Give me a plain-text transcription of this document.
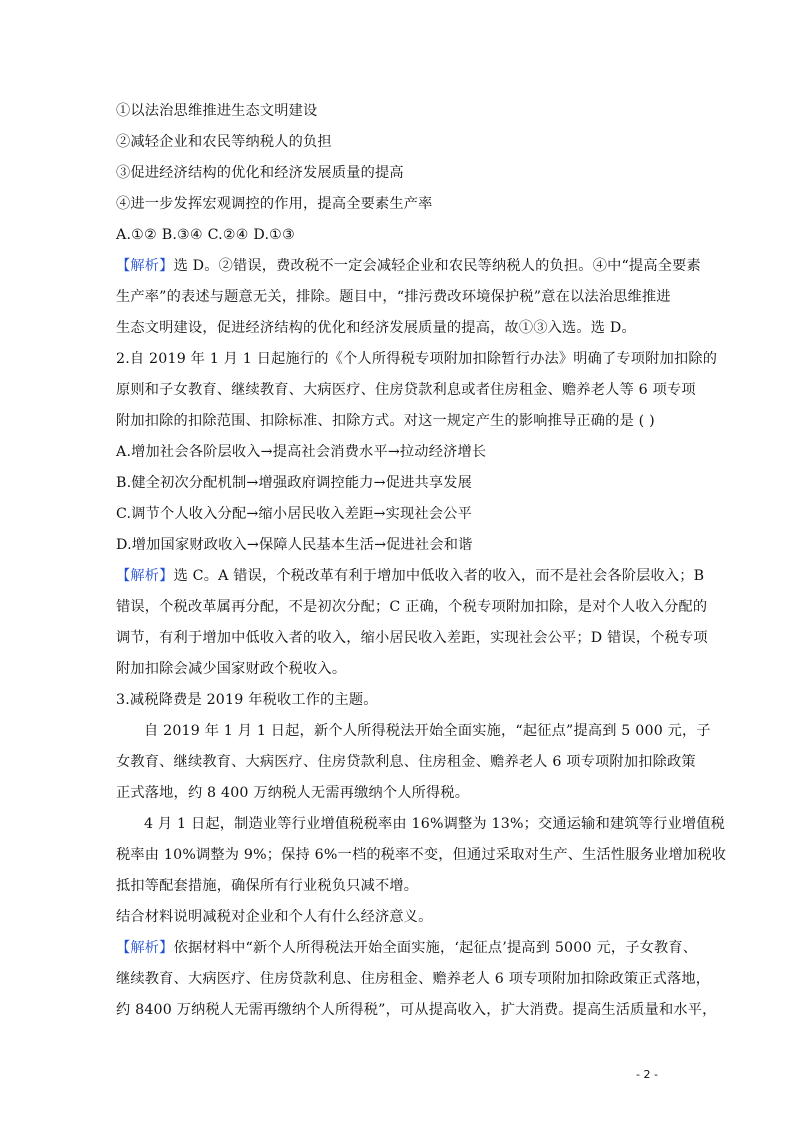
①以法治思维推进生态文明建设
②减轻企业和农民等纳税人的负担
③促进经济结构的优化和经济发展质量的提高
④进一步发挥宏观调控的作用，提高全要素生产率
A.①② B.③④ C.②④ D.①③
【解析】选 D。②错误，费改税不一定会减轻企业和农民等纳税人的负担。④中“提高全要素
生产率”的表述与题意无关，排除。题目中，“排污费改环境保护税”意在以法治思维推进
生态文明建设，促进经济结构的优化和经济发展质量的提高，故①③入选。选 D。
2.自 2019 年 1 月 1 日起施行的《个人所得税专项附加扣除暂行办法》明确了专项附加扣除的
原则和子女教育、继续教育、大病医疗、住房贷款利息或者住房租金、赡养老人等 6 项专项
附加扣除的扣除范围、扣除标准、扣除方式。对这一规定产生的影响推导正确的是 ( )
A.增加社会各阶层收入→提高社会消费水平→拉动经济增长
B.健全初次分配机制→增强政府调控能力→促进共享发展
C.调节个人收入分配→缩小居民收入差距→实现社会公平
D.增加国家财政收入→保障人民基本生活→促进社会和谐
【解析】选 C。A 错误，个税改革有利于增加中低收入者的收入，而不是社会各阶层收入；B
错误，个税改革属再分配，不是初次分配；C 正确，个税专项附加扣除，是对个人收入分配的
调节，有利于增加中低收入者的收入，缩小居民收入差距，实现社会公平；D 错误，个税专项
附加扣除会减少国家财政个税收入。
3.减税降费是 2019 年税收工作的主题。
自 2019 年 1 月 1 日起，新个人所得税法开始全面实施，“起征点”提高到 5 000 元，子
女教育、继续教育、大病医疗、住房贷款利息、住房租金、赡养老人 6 项专项附加扣除政策
正式落地，约 8 400 万纳税人无需再缴纳个人所得税。
4 月 1 日起，制造业等行业增值税税率由 16%调整为 13%；交通运输和建筑等行业增值税
税率由 10%调整为 9%；保持 6%一档的税率不变，但通过采取对生产、生活性服务业增加税收
抵扣等配套措施，确保所有行业税负只减不增。
结合材料说明减税对企业和个人有什么经济意义。
【解析】依据材料中“新个人所得税法开始全面实施，‘起征点’提高到 5000 元，子女教育、
继续教育、大病医疗、住房贷款利息、住房租金、赡养老人 6 项专项附加扣除政策正式落地，
约 8400 万纳税人无需再缴纳个人所得税”，可从提高收入，扩大消费。提高生活质量和水平，
- 2 -
